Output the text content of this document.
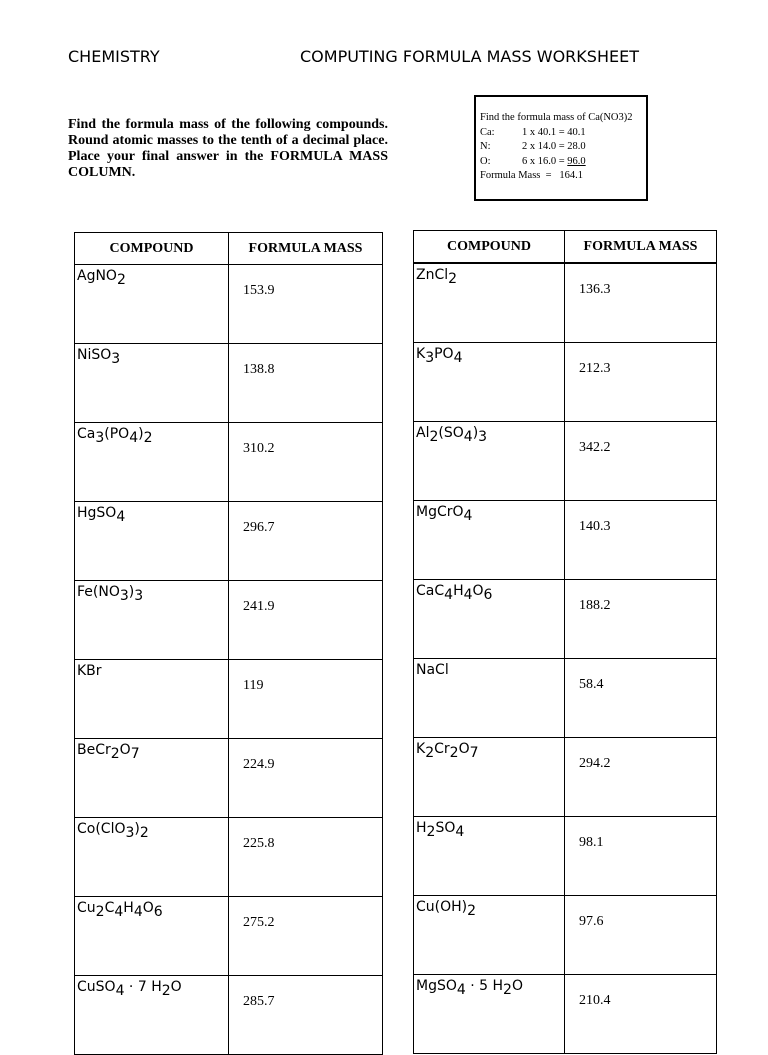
CHEMISTRY	COMPUTING FORMULA MASS WORKSHEET
Find the formula mass of the following compounds. Round atomic masses to the tenth of a decimal place. Place your final answer in the FORMULA MASS COLUMN.
Find the formula mass of Ca(NO3)2
Ca:	1 x 40.1 = 40.1
N:	2 x 14.0 = 28.0
O:	6 x 16.0 = 96.0
Formula Mass  =
164.1
COMPOUND	FORMULA MASS
AgNO$_2$	153.9
NiSO$_3$	138.8
$Ca_3(PO_4)_2$	310.2
HgSO$_4$	296.7
$Fe(NO_3)_3$	241.9
KBr	119
$BeCr_2O_7$	224.9
$Co(ClO_3)_2$	225.8
$Cu_2C_4H_4O_6$	275.2
CuSO$_4$ · 7 $H_2O$	285.7
COMPOUND	FORMULA MASS
ZnCl$_2$	136.3
$K_3PO_4$	212.3
$Al_2(SO_4)_3$	342.2
MgCrO$_4$	140.3
$CaC_4H_4O_6$	188.2
NaCl	58.4
$K_2Cr_2O_7$	294.2
$H_2SO_4$	98.1
$Cu(OH)_2$	97.6
MgSO$_4$ · 5 $H_2O$	210.4
